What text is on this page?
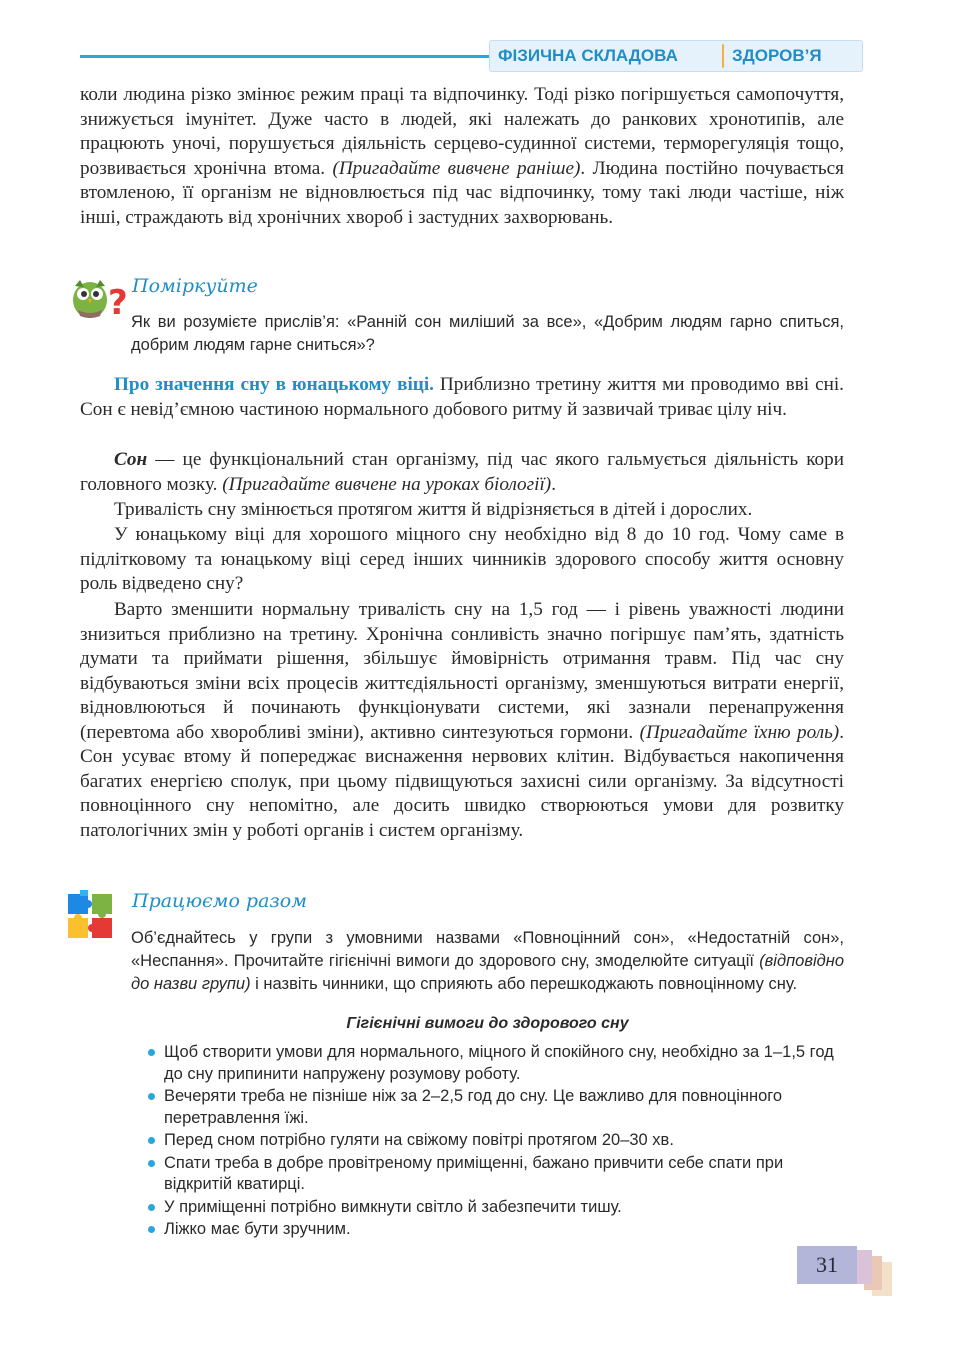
ФІЗИЧНА СКЛАДОВА	ЗДОРОВ’Я

коли людина різко змінює режим праці та відпочинку. Тоді різко погіршується самопочуття, знижується імунітет. Дуже часто в людей, які належать до ранкових хронотипів, але працюють уночі, порушується діяльність серцево-судинної системи, терморегуляція тощо, розвивається хронічна втома. (Пригадайте вивчене раніше). Людина постійно почувається втомленою, її організм не відновлюється під час відпочинку, тому такі люди частіше, ніж інші, страждають від хронічних хвороб і застудних захворювань.

? Поміркуйте

Як ви розумієте прислів’я: «Ранній сон миліший за все», «Добрим людям гарно спиться, добрим людям гарне сниться»?

Про значення сну в юнацькому віці. Приблизно третину життя ми проводимо вві сні. Сон є невід’ємною частиною нормального добового ритму й зазвичай триває цілу ніч.

Сон — це функціональний стан організму, під час якого гальмується діяльність кори головного мозку. (Пригадайте вивчене на уроках біології).

Тривалість сну змінюється протягом життя й відрізняється в дітей і дорослих.

У юнацькому віці для хорошого міцного сну необхідно від 8 до 10 год. Чому саме в підлітковому та юнацькому віці серед інших чинників здорового способу життя основну роль відведено сну?

Варто зменшити нормальну тривалість сну на 1,5 год — і рівень уважності людини знизиться приблизно на третину. Хронічна сонливість значно погіршує пам’ять, здатність думати та приймати рішення, збільшує ймовірність отримання травм. Під час сну відбуваються зміни всіх процесів життєдіяльності організму, зменшуються витрати енергії, відновлюються й починають функціонувати системи, які зазнали перенапруження (перевтома або хворобливі зміни), активно синтезуються гормони. (Пригадайте їхню роль). Сон усуває втому й попереджає виснаження нервових клітин. Відбувається накопичення багатих енергією сполук, при цьому підвищуються захисні сили організму. За відсутності повноцінного сну непомітно, але досить швидко створюються умови для розвитку патологічних змін у роботі органів і систем організму.

Працюємо разом

Об’єднайтесь у групи з умовними назвами «Повноцінний сон», «Недостатній сон», «Неспання». Прочитайте гігієнічні вимоги до здорового сну, змоделюйте ситуації (відповідно до назви групи) і назвіть чинники, що сприяють або перешкоджають повноцінному сну.

Гігієнічні вимоги до здорового сну
Щоб створити умови для нормального, міцного й спокійного сну, необхідно за 1–1,5 год до сну припинити напружену розумову роботу.
Вечеряти треба не пізніше ніж за 2–2,5 год до сну. Це важливо для повноцінного перетравлення їжі.
Перед сном потрібно гуляти на свіжому повітрі протягом 20–30 хв.
Спати треба в добре провітреному приміщенні, бажано привчити себе спати при відкритій кватирці.
У приміщенні потрібно вимкнути світло й забезпечити тишу.
Ліжко має бути зручним.
31
